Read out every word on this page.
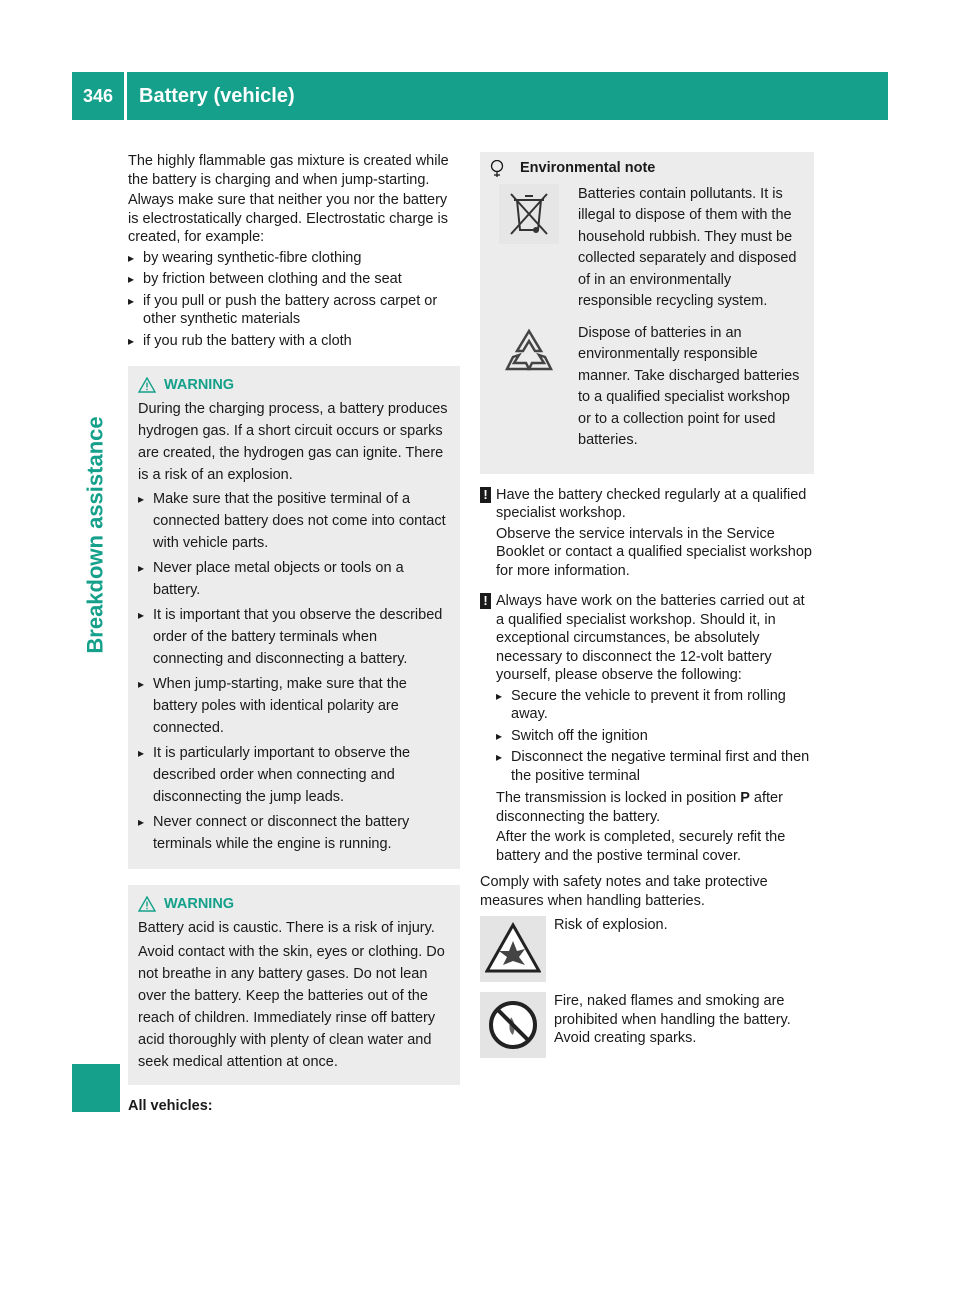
346	Battery (vehicle)
Breakdown assistance

The highly flammable gas mixture is created while the battery is charging and when jump-starting.

Always make sure that neither you nor the battery is electrostatically charged. Electrostatic charge is created, for example:

▸ by wearing synthetic-fibre clothing
▸ by friction between clothing and the seat
▸ if you pull or push the battery across carpet or other synthetic materials
▸ if you rub the battery with a cloth
WARNING

During the charging process, a battery produces hydrogen gas. If a short circuit occurs or sparks are created, the hydrogen gas can ignite. There is a risk of an explosion.

▸ Make sure that the positive terminal of a connected battery does not come into contact with vehicle parts.
▸ Never place metal objects or tools on a battery.
▸ It is important that you observe the described order of the battery terminals when connecting and disconnecting a battery.
▸ When jump-starting, make sure that the battery poles with identical polarity are connected.
▸ It is particularly important to observe the described order when connecting and disconnecting the jump leads.
▸ Never connect or disconnect the battery terminals while the engine is running.
WARNING

Battery acid is caustic. There is a risk of injury.

Avoid contact with the skin, eyes or clothing. Do not breathe in any battery gases. Do not lean over the battery. Keep the batteries out of the reach of children. Immediately rinse off battery acid thoroughly with plenty of clean water and seek medical attention at once.

All vehicles:

Environmental note
Batteries contain pollutants. It is illegal to dispose of them with the household rubbish. They must be collected separately and disposed of in an environmentally responsible recycling system.
Dispose of batteries in an environmentally responsible manner. Take discharged batteries to a qualified specialist workshop or to a collection point for used batteries.
! Have the battery checked regularly at a qualified specialist workshop.

Observe the service intervals in the Service Booklet or contact a qualified specialist workshop for more information.

! Always have work on the batteries carried out at a qualified specialist workshop. Should it, in exceptional circumstances, be absolutely necessary to disconnect the 12-volt battery yourself, please observe the following:

▸ Secure the vehicle to prevent it from rolling away.
▸ Switch off the ignition
▸ Disconnect the negative terminal first and then the positive terminal

The transmission is locked in position P after disconnecting the battery.

After the work is completed, securely refit the battery and the postive terminal cover.

Comply with safety notes and take protective measures when handling batteries.

Risk of explosion.
Fire, naked flames and smoking are prohibited when handling the battery. Avoid creating sparks.
